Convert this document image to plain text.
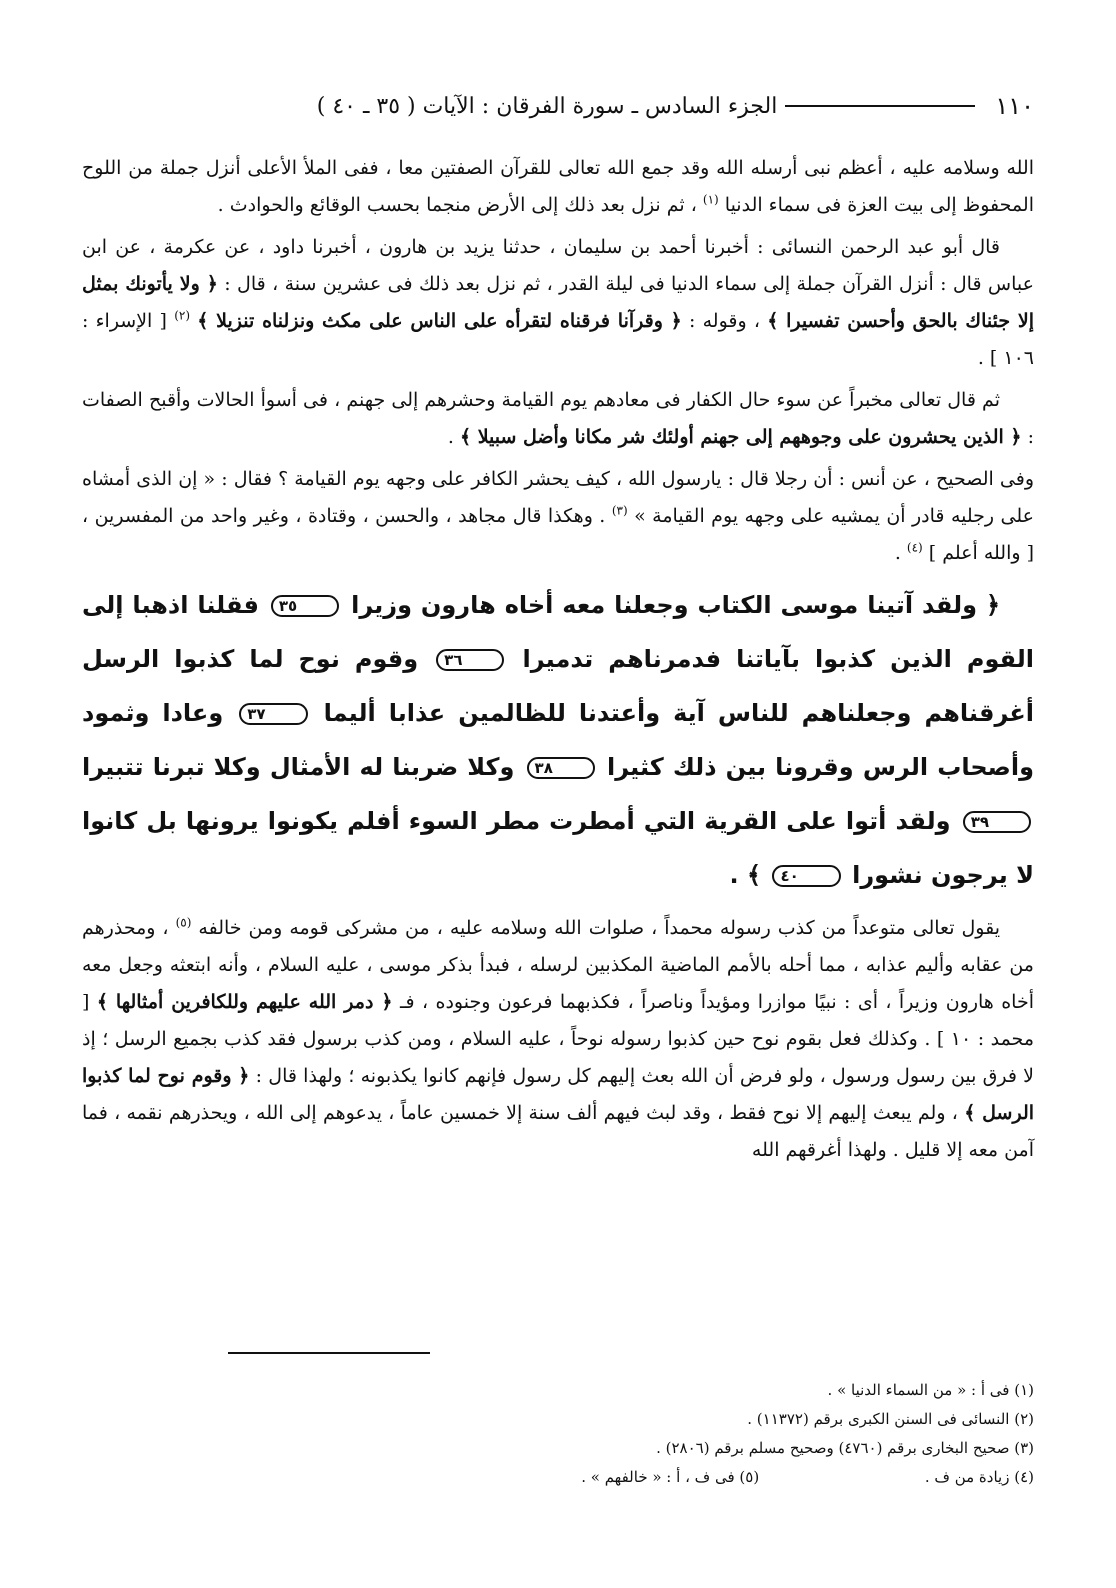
١١٠
الجزء السادس ـ سورة الفرقان : الآيات ( ٣٥ ـ ٤٠ )

الله وسلامه عليه ، أعظم نبى أرسله الله وقد جمع الله تعالى للقرآن الصفتين معا ، ففى الملأ الأعلى أنزل جملة من اللوح المحفوظ إلى بيت العزة فى سماء الدنيا $^{(١)}$ ، ثم نزل بعد ذلك إلى الأرض منجما بحسب الوقائع والحوادث .

قال أبو عبد الرحمن النسائى : أخبرنا أحمد بن سليمان ، حدثنا يزيد بن هارون ، أخبرنا داود ، عن عكرمة ، عن ابن عباس قال : أنزل القرآن جملة إلى سماء الدنيا فى ليلة القدر ، ثم نزل بعد ذلك فى عشرين سنة ، قال : ﴿ ولا يأتونك بمثل إلا جئناك بالحق وأحسن تفسيرا ﴾ ، وقوله : ﴿ وقرآنا فرقناه لتقرأه على الناس على مكث ونزلناه تنزيلا ﴾ $^{(٢)}$ [ الإسراء : ١٠٦ ] .

ثم قال تعالى مخبراً عن سوء حال الكفار فى معادهم يوم القيامة وحشرهم إلى جهنم ، فى أسوأ الحالات وأقبح الصفات : ﴿ الذين يحشرون على وجوههم إلى جهنم أولئك شر مكانا وأضل سبيلا ﴾ .

وفى الصحيح ، عن أنس : أن رجلا قال : يارسول الله ، كيف يحشر الكافر على وجهه يوم القيامة ؟ فقال : « إن الذى أمشاه على رجليه قادر أن يمشيه على وجهه يوم القيامة » $^{(٣)}$ . وهكذا قال مجاهد ، والحسن ، وقتادة ، وغير واحد من المفسرين ، [ والله أعلم ] $^{(٤)}$ .

﴿ ولقد آتينا موسى الكتاب وجعلنا معه أخاه هارون وزيرا ٣٥ فقلنا اذهبا إلى القوم الذين كذبوا بآياتنا فدمرناهم تدميرا ٣٦ وقوم نوح لما كذبوا الرسل أغرقناهم وجعلناهم للناس آية وأعتدنا للظالمين عذابا أليما ٣٧ وعادا وثمود وأصحاب الرس وقرونا بين ذلك كثيرا ٣٨ وكلا ضربنا له الأمثال وكلا تبرنا تتبيرا ٣٩ ولقد أتوا على القرية التي أمطرت مطر السوء أفلم يكونوا يرونها بل كانوا لا يرجون نشورا ٤٠ ﴾ .

يقول تعالى متوعداً من كذب رسوله محمداً ، صلوات الله وسلامه عليه ، من مشركى قومه ومن خالفه $^{(٥)}$ ، ومحذرهم من عقابه وأليم عذابه ، مما أحله بالأمم الماضية المكذبين لرسله ، فبدأ بذكر موسى ، عليه السلام ، وأنه ابتعثه وجعل معه أخاه هارون وزيراً ، أى : نبيًا موازرا ومؤيداً وناصراً ، فكذبهما فرعون وجنوده ، فـ ﴿ دمر الله عليهم وللكافرين أمثالها ﴾ [ محمد : ١٠ ] . وكذلك فعل بقوم نوح حين كذبوا رسوله نوحاً ، عليه السلام ، ومن كذب برسول فقد كذب بجميع الرسل ؛ إذ لا فرق بين رسول ورسول ، ولو فرض أن الله بعث إليهم كل رسول فإنهم كانوا يكذبونه ؛ ولهذا قال : ﴿ وقوم نوح لما كذبوا الرسل ﴾ ، ولم يبعث إليهم إلا نوح فقط ، وقد لبث فيهم ألف سنة إلا خمسين عاماً ، يدعوهم إلى الله ، ويحذرهم نقمه ، فما آمن معه إلا قليل . ولهذا أغرقهم الله

(١) فى أ : « من السماء الدنيا » .
(٢) النسائى فى السنن الكبرى برقم (١١٣٧٢) .
(٣) صحيح البخارى برقم (٤٧٦٠) وصحيح مسلم برقم (٢٨٠٦) .
(٤) زيادة من ف . (٥) فى ف ، أ : « خالفهم » .
